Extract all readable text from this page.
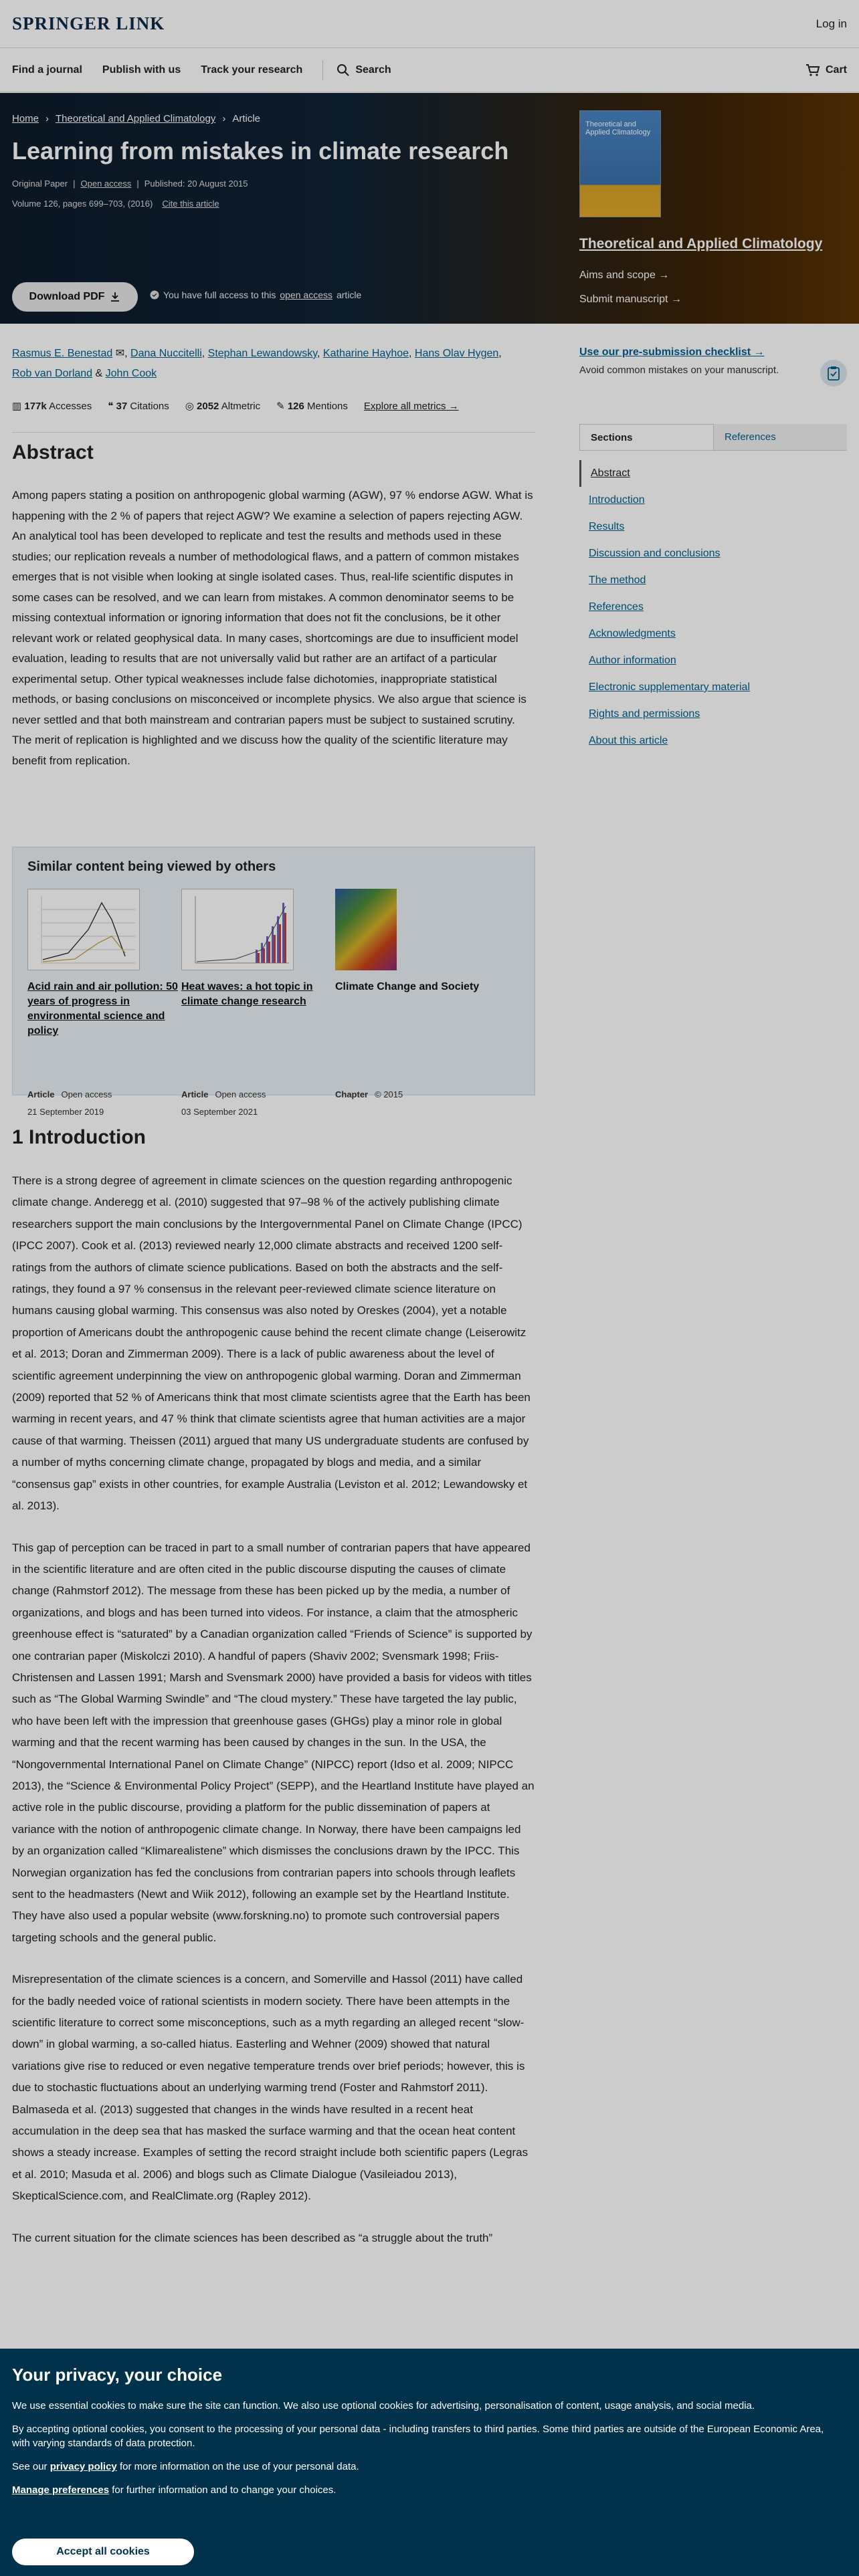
SPRINGER LINK	Log in
Find a journal Publish with us Track your research	Search	Cart
Home › Theoretical and Applied Climatology › Article
Learning from mistakes in climate research
Original Paper | Open access | Published: 20 August 2015
Volume 126, pages 699–703, (2016) Cite this article
Download PDF	You have full access to this open access article
Theoretical and Applied Climatology
Theoretical and Applied Climatology
Aims and scope →
Submit manuscript →
Rasmus E. Benestad ✉, Dana Nuccitelli, Stephan Lewandowsky, Katharine Hayhoe, Hans Olav Hygen,
Rob van Dorland & John Cook
▥ 177k Accesses ❝ 37 Citations ◎ 2052 Altmetric ✎ 126 Mentions Explore all metrics →
Abstract
Among papers stating a position on anthropogenic global warming (AGW), 97 % endorse AGW. What is happening with the 2 % of papers that reject AGW? We examine a selection of papers rejecting AGW. An analytical tool has been developed to replicate and test the results and methods used in these studies; our replication reveals a number of methodological flaws, and a pattern of common mistakes emerges that is not visible when looking at single isolated cases. Thus, real-life scientific disputes in some cases can be resolved, and we can learn from mistakes. A common denominator seems to be missing contextual information or ignoring information that does not fit the conclusions, be it other relevant work or related geophysical data. In many cases, shortcomings are due to insufficient model evaluation, leading to results that are not universally valid but rather are an artifact of a particular experimental setup. Other typical weaknesses include false dichotomies, inappropriate statistical methods, or basing conclusions on misconceived or incomplete physics. We also argue that science is never settled and that both mainstream and contrarian papers must be subject to sustained scrutiny. The merit of replication is highlighted and we discuss how the quality of the scientific literature may benefit from replication.
Similar content being viewed by others
Acid rain and air pollution: 50 years of progress in environmental science and policy
Article Open access
21 September 2019
Heat waves: a hot topic in climate change research
Article Open access
03 September 2021
Climate Change and Society
Chapter © 2015
1 Introduction

There is a strong degree of agreement in climate sciences on the question regarding anthropogenic climate change. Anderegg et al. (2010) suggested that 97–98 % of the actively publishing climate researchers support the main conclusions by the Intergovernmental Panel on Climate Change (IPCC) (IPCC 2007). Cook et al. (2013) reviewed nearly 12,000 climate abstracts and received 1200 self-ratings from the authors of climate science publications. Based on both the abstracts and the self-ratings, they found a 97 % consensus in the relevant peer-reviewed climate science literature on humans causing global warming. This consensus was also noted by Oreskes (2004), yet a notable proportion of Americans doubt the anthropogenic cause behind the recent climate change (Leiserowitz et al. 2013; Doran and Zimmerman 2009). There is a lack of public awareness about the level of scientific agreement underpinning the view on anthropogenic global warming. Doran and Zimmerman (2009) reported that 52 % of Americans think that most climate scientists agree that the Earth has been warming in recent years, and 47 % think that climate scientists agree that human activities are a major cause of that warming. Theissen (2011) argued that many US undergraduate students are confused by a number of myths concerning climate change, propagated by blogs and media, and a similar “consensus gap” exists in other countries, for example Australia (Leviston et al. 2012; Lewandowsky et al. 2013).

This gap of perception can be traced in part to a small number of contrarian papers that have appeared in the scientific literature and are often cited in the public discourse disputing the causes of climate change (Rahmstorf 2012). The message from these has been picked up by the media, a number of organizations, and blogs and has been turned into videos. For instance, a claim that the atmospheric greenhouse effect is “saturated” by a Canadian organization called “Friends of Science” is supported by one contrarian paper (Miskolczi 2010). A handful of papers (Shaviv 2002; Svensmark 1998; Friis-Christensen and Lassen 1991; Marsh and Svensmark 2000) have provided a basis for videos with titles such as “The Global Warming Swindle” and “The cloud mystery.” These have targeted the lay public, who have been left with the impression that greenhouse gases (GHGs) play a minor role in global warming and that the recent warming has been caused by changes in the sun. In the USA, the “Nongovernmental International Panel on Climate Change” (NIPCC) report (Idso et al. 2009; NIPCC 2013), the “Science & Environmental Policy Project” (SEPP), and the Heartland Institute have played an active role in the public discourse, providing a platform for the public dissemination of papers at variance with the notion of anthropogenic climate change. In Norway, there have been campaigns led by an organization called “Klimarealistene” which dismisses the conclusions drawn by the IPCC. This Norwegian organization has fed the conclusions from contrarian papers into schools through leaflets sent to the headmasters (Newt and Wiik 2012), following an example set by the Heartland Institute. They have also used a popular website (www.forskning.no) to promote such controversial papers targeting schools and the general public.

Misrepresentation of the climate sciences is a concern, and Somerville and Hassol (2011) have called for the badly needed voice of rational scientists in modern society. There have been attempts in the scientific literature to correct some misconceptions, such as a myth regarding an alleged recent “slow-down” in global warming, a so-called hiatus. Easterling and Wehner (2009) showed that natural variations give rise to reduced or even negative temperature trends over brief periods; however, this is due to stochastic fluctuations about an underlying warming trend (Foster and Rahmstorf 2011). Balmaseda et al. (2013) suggested that changes in the winds have resulted in a recent heat accumulation in the deep sea that has masked the surface warming and that the ocean heat content shows a steady increase. Examples of setting the record straight include both scientific papers (Legras et al. 2010; Masuda et al. 2006) and blogs such as Climate Dialogue (Vasileiadou 2013), SkepticalScience.com, and RealClimate.org (Rapley 2012).

The current situation for the climate sciences has been described as “a struggle about the truth”

Use our pre-submission checklist →
Avoid common mistakes on your manuscript.
Sections	References
Abstract
Introduction
Results
Discussion and conclusions
The method
References
Acknowledgments
Author information
Electronic supplementary material
Rights and permissions
About this article
Your privacy, your choice

We use essential cookies to make sure the site can function. We also use optional cookies for advertising, personalisation of content, usage analysis, and social media.

By accepting optional cookies, you consent to the processing of your personal data - including transfers to third parties. Some third parties are outside of the European Economic Area, with varying standards of data protection.

See our privacy policy for more information on the use of your personal data.

Manage preferences for further information and to change your choices.

Accept all cookies
